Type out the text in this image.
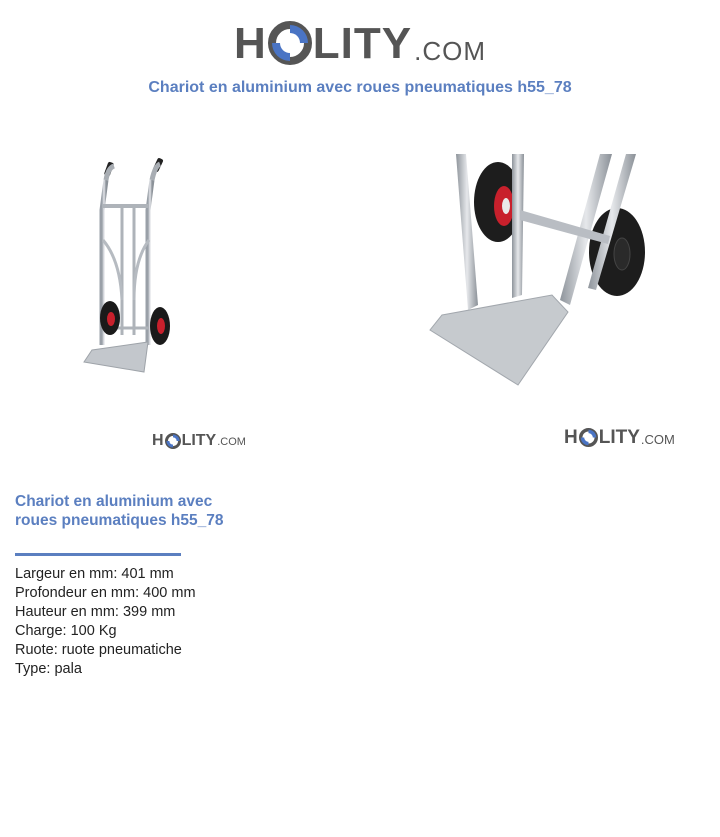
H LITY .COM
Chariot en aluminium avec roues pneumatiques h55_78
H LITY .COM	H LITY .COM
Chariot en aluminium avec roues pneumatiques h55_78
Largeur en mm: 401 mm
Profondeur en mm: 400 mm
Hauteur en mm: 399 mm
Charge: 100 Kg
Ruote: ruote pneumatiche
Type: pala
